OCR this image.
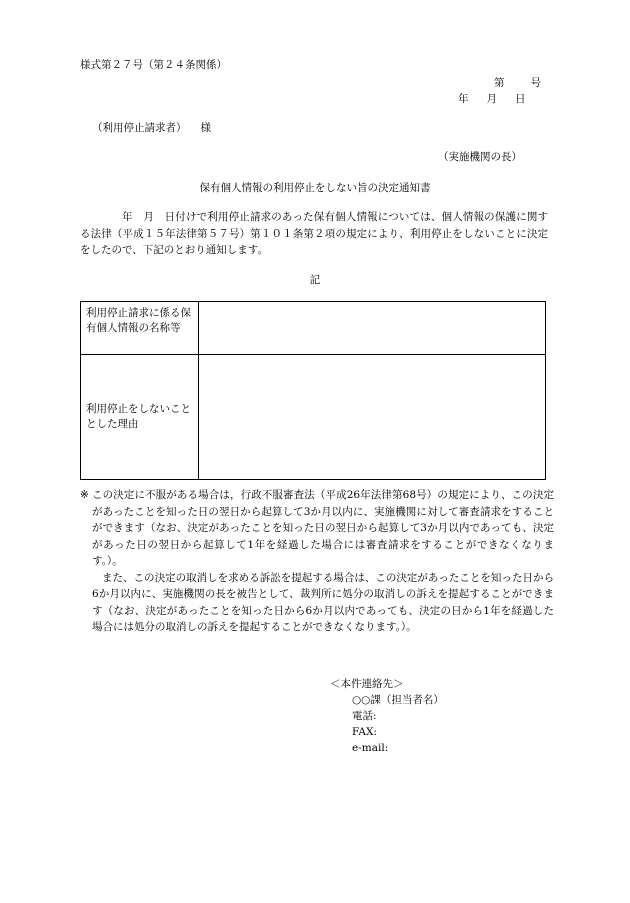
様式第２７号（第２４条関係）
第 号
年 月 日
（利用停止請求者） 様
（実施機関の長）
保有個人情報の利用停止をしない旨の決定通知書
年　月　日付けで利用停止請求のあった保有個人情報については、個人情報の保護に関する法律（平成１５年法律第５７号）第１０１条第２項の規定により、利用停止をしないことに決定をしたので、下記のとおり通知します。
記
利用停止請求に係る保有個人情報の名称等	
利用停止をしないこととした理由	
※ この決定に不服がある場合は，行政不服審査法（平成26年法律第68号）の規定により、この決定があったことを知った日の翌日から起算して3か月以内に、実施機関に対して審査請求をすることができます（なお、決定があったことを知った日の翌日から起算して3か月以内であっても、決定があった日の翌日から起算して1年を経過した場合には審査請求をすることができなくなります。）。

また、この決定の取消しを求める訴訟を提起する場合は、この決定があったことを知った日から6か月以内に、実施機関の長を被告として、裁判所に処分の取消しの訴えを提起することができます（なお、決定があったことを知った日から6か月以内であっても、決定の日から1年を経過した場合には処分の取消しの訴えを提起することができなくなります。）。

＜本件連絡先＞
○○課（担当者名）
電話:
FAX:
e-mail:
